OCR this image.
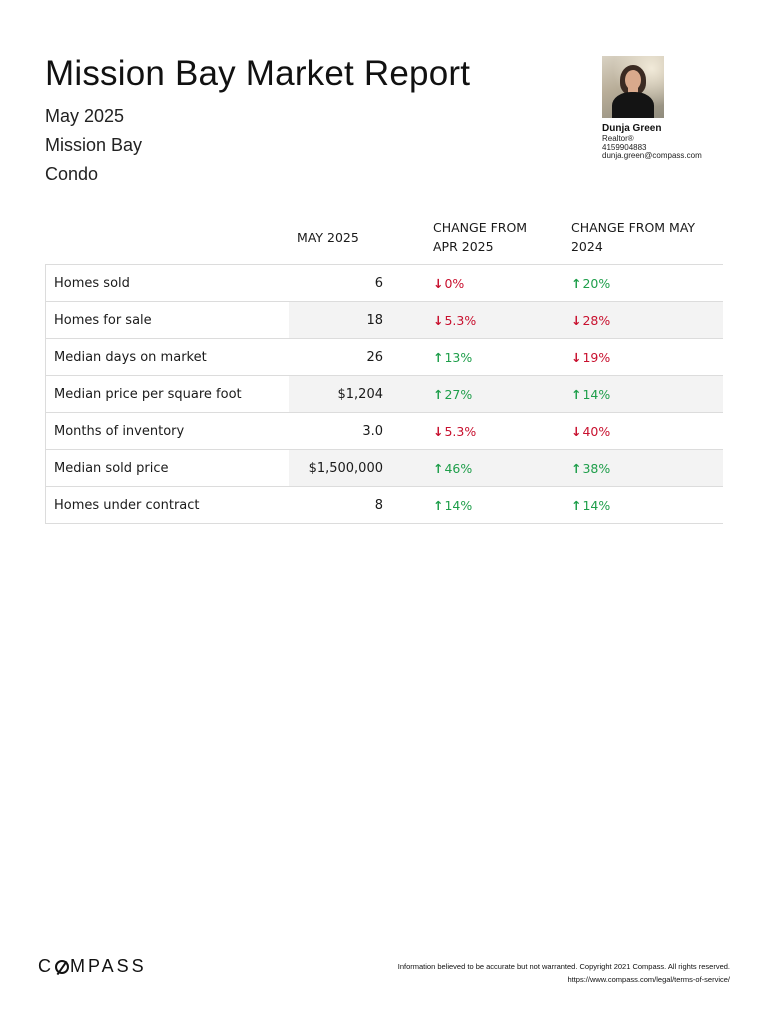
Mission Bay Market Report
May 2025
Mission Bay
Condo
Dunja Green
Realtor®
4159904883
dunja.green@compass.com
	MAY 2025	CHANGE FROM APR 2025	CHANGE FROM MAY 2024
Homes sold	6	↓0%	↑20%
Homes for sale	18	↓5.3%	↓28%
Median days on market	26	↑13%	↓19%
Median price per square foot	$1,204	↑27%	↑14%
Months of inventory	3.0	↓5.3%	↓40%
Median sold price	$1,500,000	↑46%	↑38%
Homes under contract	8	↑14%	↑14%
C MPASS	Information believed to be accurate but not warranted. Copyright 2021 Compass. All rights reserved.
https://www.compass.com/legal/terms-of-service/
